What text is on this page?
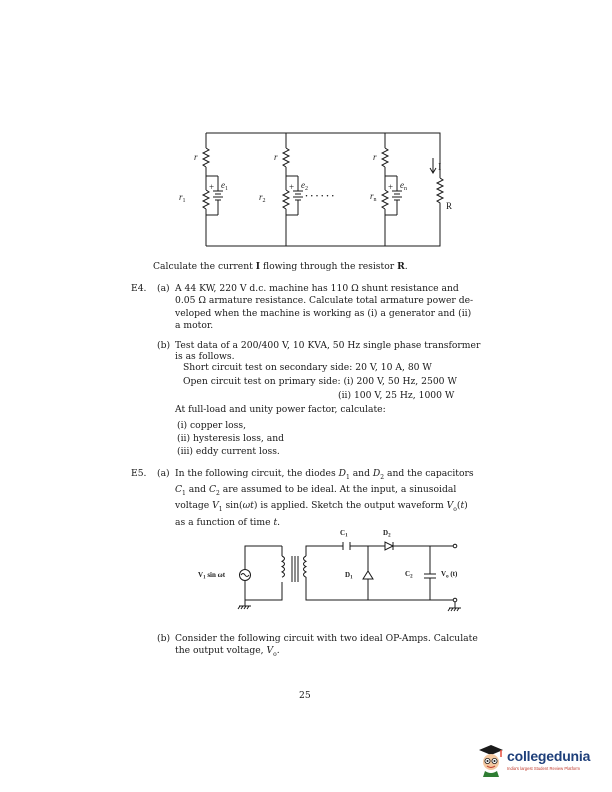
r	r	r
$r_1$	$r_2$	$r_n$
+ $e_1$	+ $e_2$	+ $e_n$
· · · · · ·
I
R
Calculate the current I flowing through the resistor R.
E4. (a) A 44 KW, 220 V d.c. machine has 110 Ω shunt resistance and
0.05 Ω armature resistance. Calculate total armature power de-
veloped when the machine is working as (i) a generator and (ii)
a motor.
(b) Test data of a 200/400 V, 10 KVA, 50 Hz single phase transformer
is as follows.
Short circuit test on secondary side: 20 V, 10 A, 80 W
Open circuit test on primary side: (i) 200 V, 50 Hz, 2500 W
(ii) 100 V, 25 Hz, 1000 W
At full-load and unity power factor, calculate:
(i) copper loss,
(ii) hysteresis loss, and
(iii) eddy current loss.
E5. (a) In the following circuit, the diodes $D_1$ and $D_2$ and the capacitors
$C_1$ and $C_2$ are assumed to be ideal. At the input, a sinusoidal
voltage $V_1$ sin(ωt) is applied. Sketch the output waveform $V_o(t)$
as a function of time t.
$C_1$	$D_2$
$D_1$	$C_2$
$V_1$ sin ωt	$V_o$ (t)
(b) Consider the following circuit with two ideal OP-Amps. Calculate
the output voltage, $V_o$.
25
collegedunia
India's largest Student Review Platform
